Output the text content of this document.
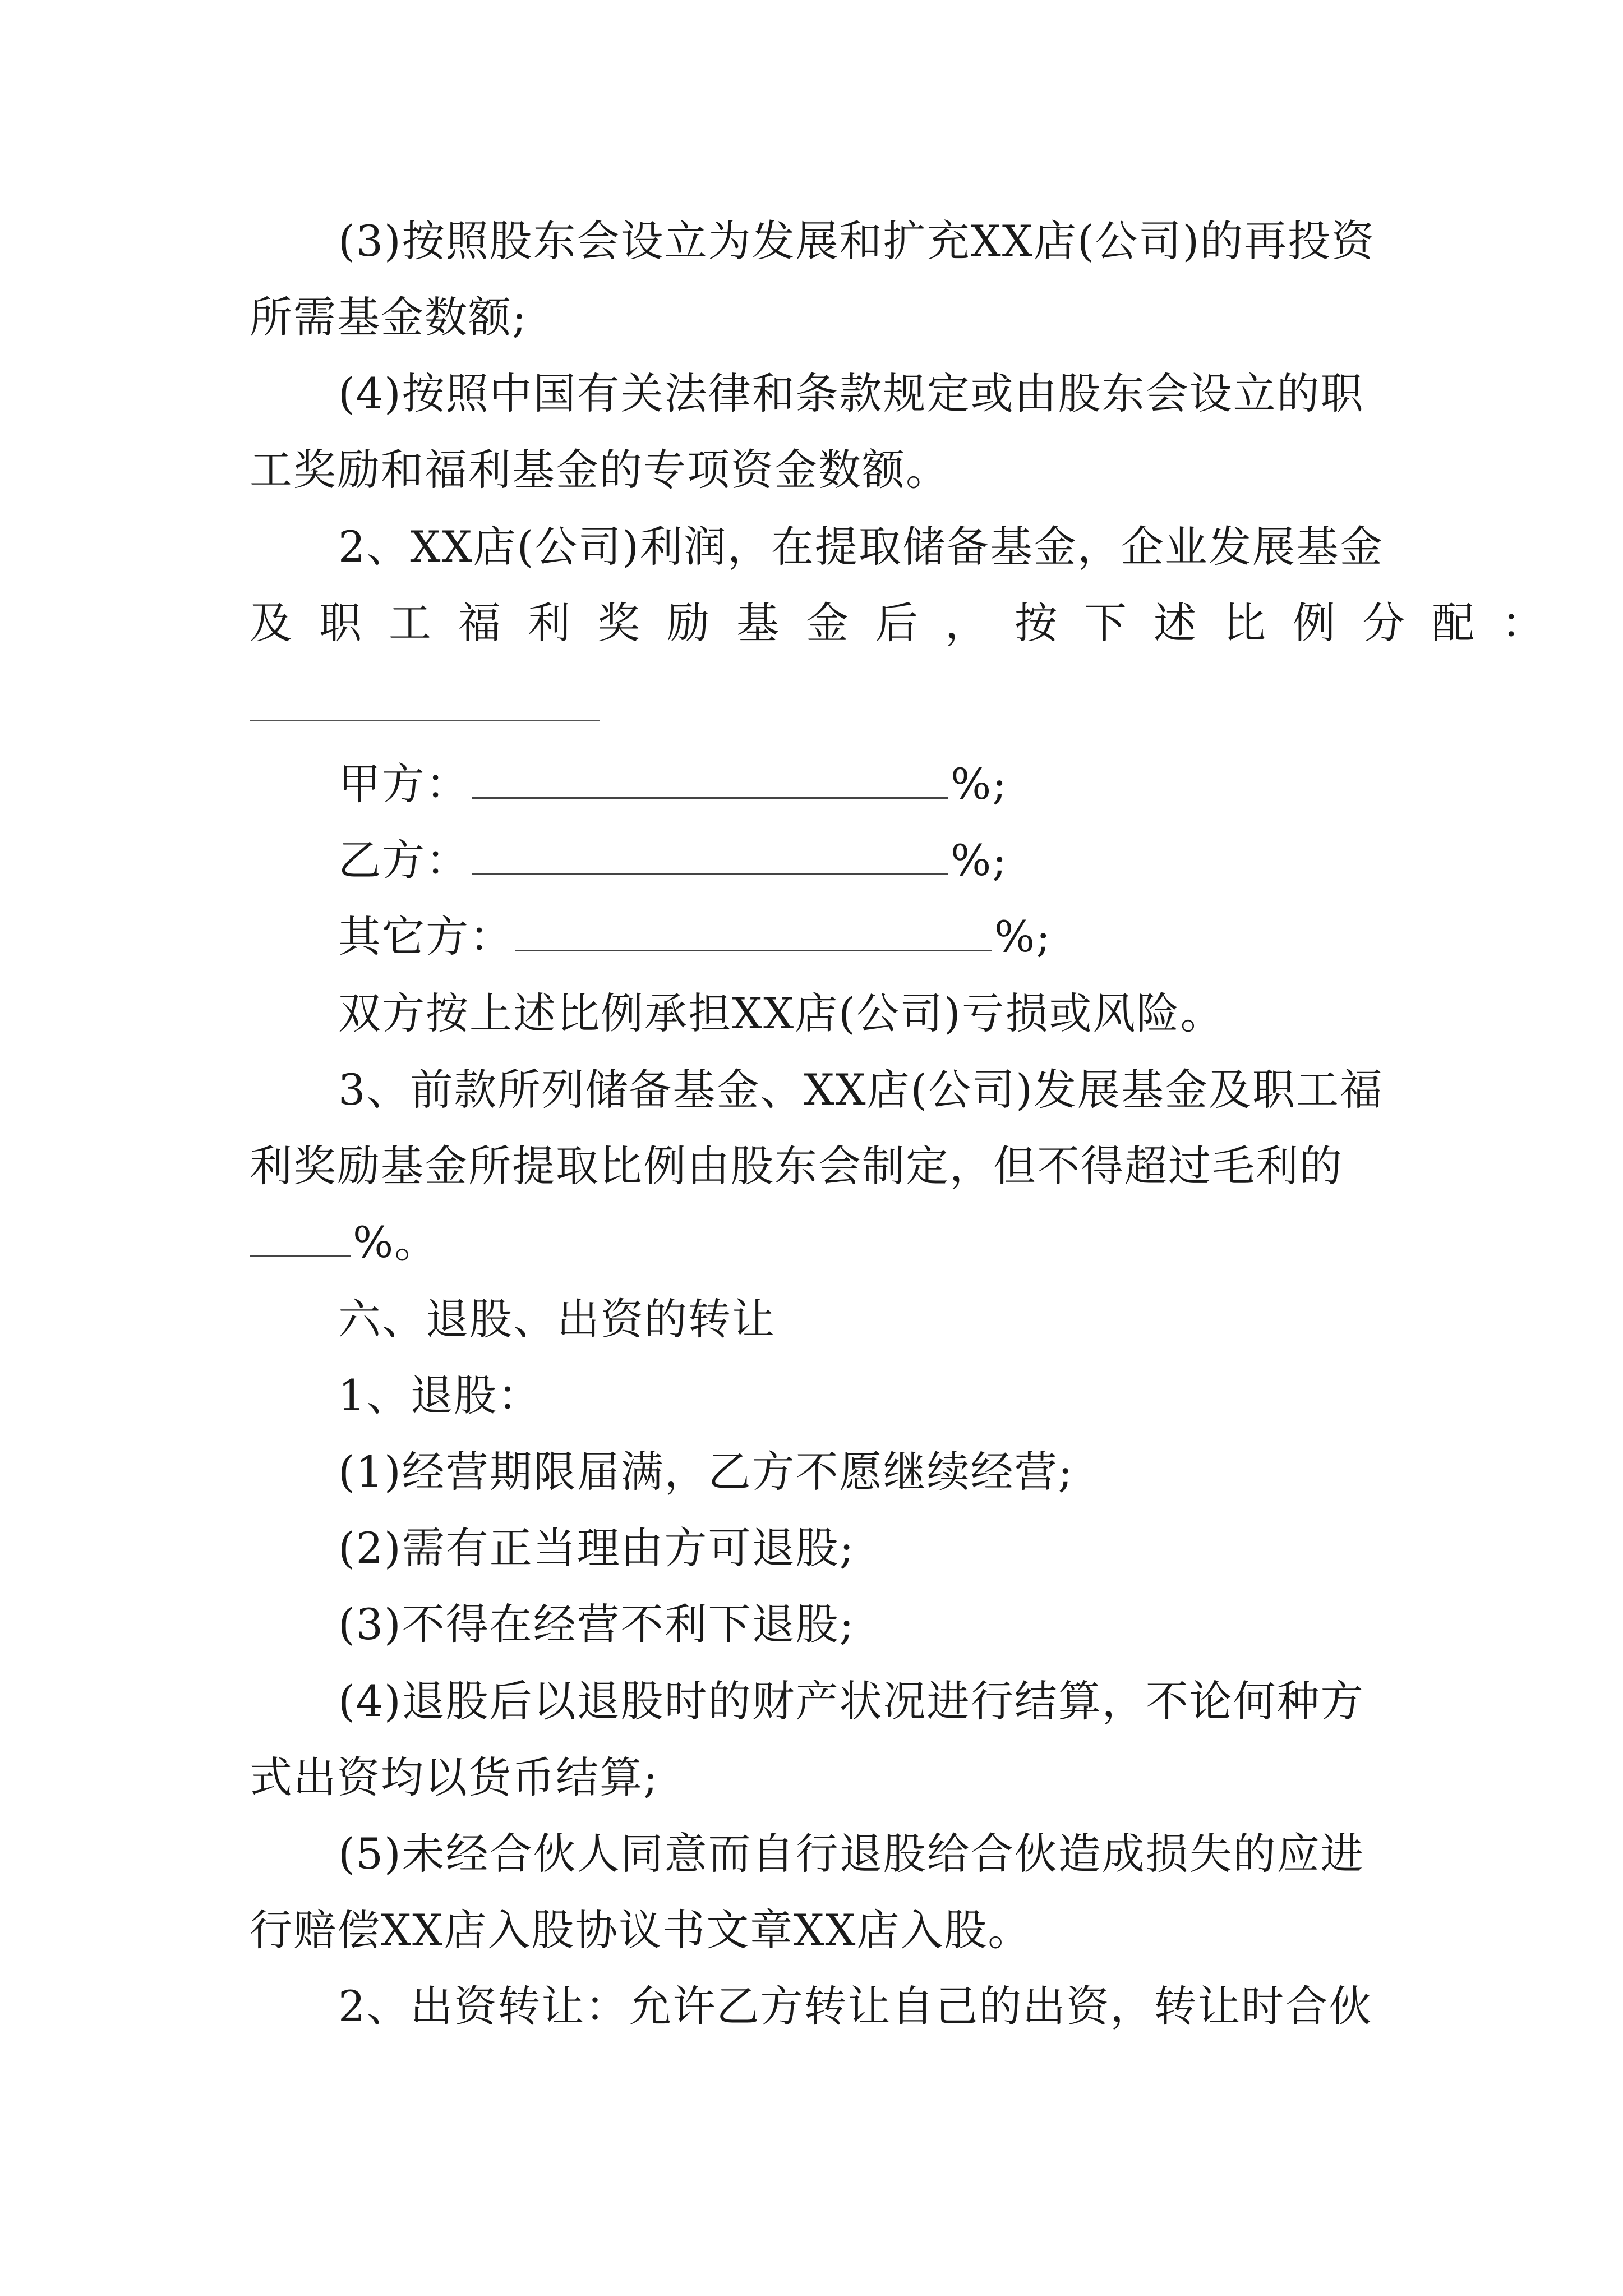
(3)按照股东会设立为发展和扩充XX店(公司)的再投资
所需基金数额;
(4)按照中国有关法律和条款规定或由股东会设立的职
工奖励和福利基金的专项资金数额。
2、XX店(公司)利润，在提取储备基金，企业发展基金
及职工福利奖励基金后，按下述比例分配：
甲方：	%;
乙方：	%;
其它方：	%;
双方按上述比例承担XX店(公司)亏损或风险。
3、前款所列储备基金、XX店(公司)发展基金及职工福
利奖励基金所提取比例由股东会制定，但不得超过毛利的
%。
六、退股、出资的转让
1、退股：
(1)经营期限届满，乙方不愿继续经营;
(2)需有正当理由方可退股;
(3)不得在经营不利下退股;
(4)退股后以退股时的财产状况进行结算，不论何种方
式出资均以货币结算;
(5)未经合伙人同意而自行退股给合伙造成损失的应进
行赔偿XX店入股协议书文章XX店入股。
2、出资转让：允许乙方转让自己的出资，转让时合伙
